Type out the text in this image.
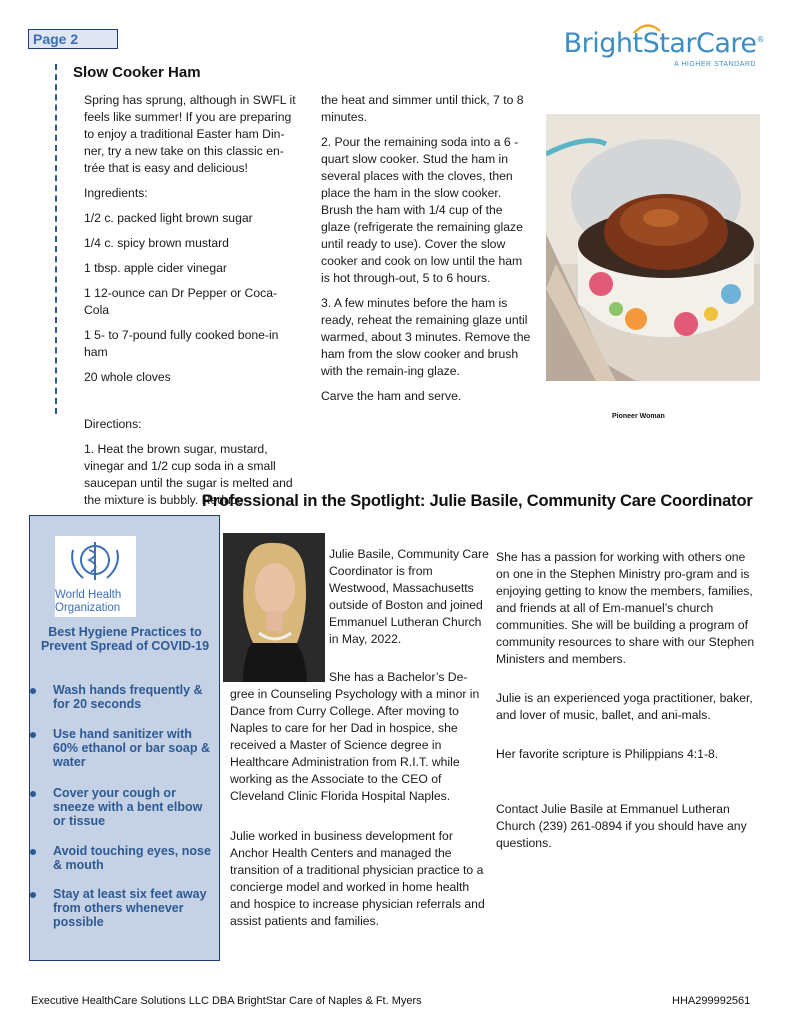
Page 2	BrightStarCare®
A HIGHER STANDARD
Slow Cooker Ham

Spring has sprung, although in SWFL it feels like summer! If you are preparing to enjoy a traditional Easter ham Din-ner, try a new take on this classic en-trée that is easy and delicious!

Ingredients:

1/2 c. packed light brown sugar

1/4 c. spicy brown mustard

1 tbsp. apple cider vinegar

1 12-ounce can Dr Pepper or Coca-Cola

1 5- to 7-pound fully cooked bone-in ham

20 whole cloves

Directions:

1. Heat the brown sugar, mustard, vinegar and 1/2 cup soda in a small saucepan until the sugar is melted and the mixture is bubbly. Reduce

the heat and simmer until thick, 7 to 8 minutes.

2. Pour the remaining soda into a 6 -quart slow cooker. Stud the ham in several places with the cloves, then place the ham in the slow cooker. Brush the ham with 1/4 cup of the glaze (refrigerate the remaining glaze until ready to use). Cover the slow cooker and cook on low until the ham is hot through-out, 5 to 6 hours.

3. A few minutes before the ham is ready, reheat the remaining glaze until warmed, about 3 minutes. Remove the ham from the slow cooker and brush with the remain-ing glaze.

Carve the ham and serve.

Pioneer Woman
Professional in the Spotlight: Julie Basile, Community Care Coordinator
World Health
Organization
Best Hygiene Practices to Prevent Spread of COVID-19
Wash hands frequently & for 20 seconds
Use hand sanitizer with 60% ethanol or bar soap & water
Cover your cough or sneeze with a bent elbow or tissue
Avoid touching eyes, nose & mouth
Stay at least six feet away from others whenever possible

Julie Basile, Community Care Coordinator is from Westwood, Massachusetts outside of Boston and joined Emmanuel Lutheran Church in May, 2022.

She has a Bachelor’s De-
gree in Counseling Psychology with a minor in Dance from Curry College. After moving to Naples to care for her Dad in hospice, she received a Master of Science degree in Healthcare Administration from R.I.T. while working as the Associate to the CEO of Cleveland Clinic Florida Hospital Naples.
Julie worked in business development for Anchor Health Centers and managed the transition of a traditional physician practice to a concierge model and worked in home health and hospice to increase physician referrals and assist patients and families.

She has a passion for working with others one on one in the Stephen Ministry pro-gram and is enjoying getting to know the members, families, and friends at all of Em-manuel’s church communities. She will be building a program of community resources to share with our Stephen Ministers and members.

Julie is an experienced yoga practitioner, baker, and lover of music, ballet, and ani-mals.

Her favorite scripture is Philippians 4:1-8.

Contact Julie Basile at Emmanuel Lutheran Church (239) 261-0894 if you should have any questions.

Executive HealthCare Solutions LLC DBA BrightStar Care of Naples & Ft. Myers	HHA299992561
